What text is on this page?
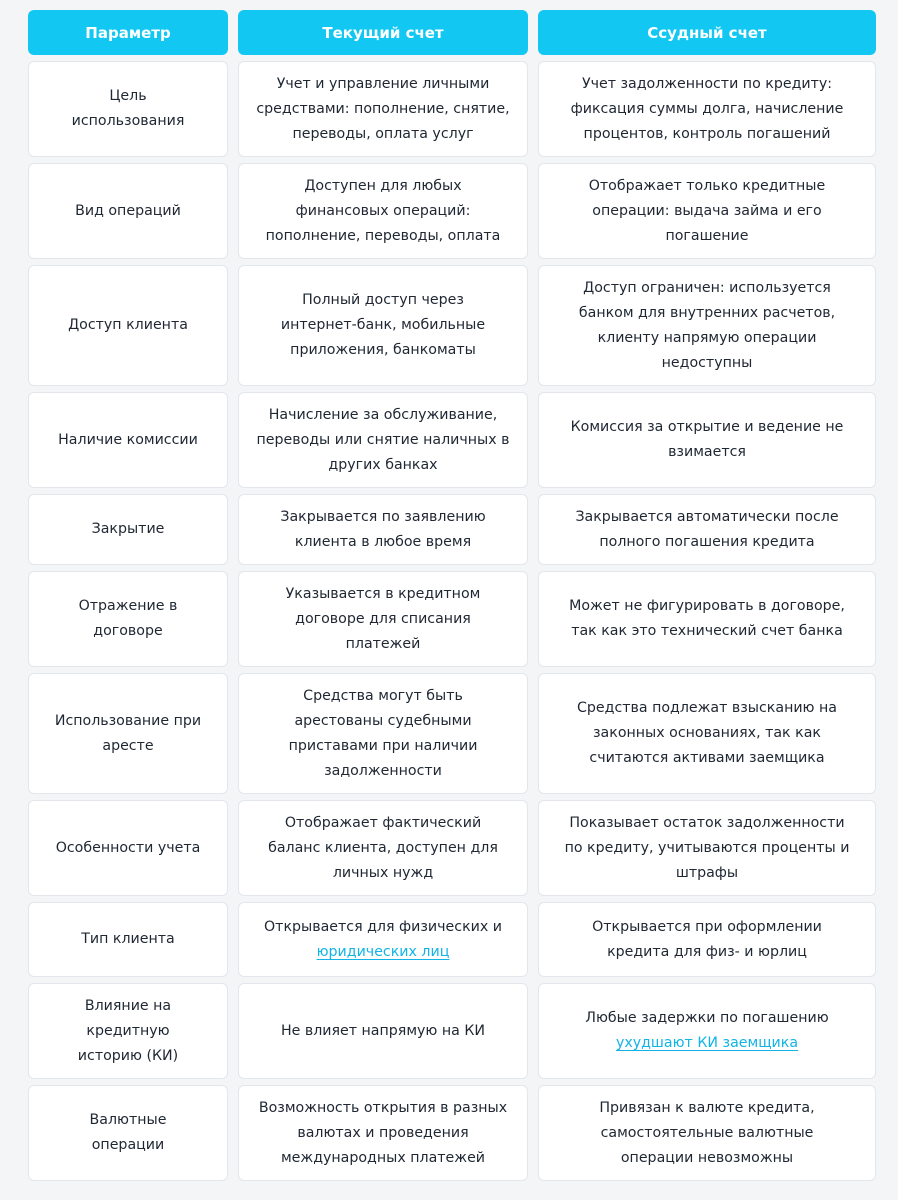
Параметр	Текущий счет	Ссудный счет
Цель использования
Учет и управление личными средствами: пополнение, снятие, переводы, оплата услуг
Учет задолженности по кредиту: фиксация суммы долга, начисление процентов, контроль погашений
Вид операций
Доступен для любых финансовых операций: пополнение, переводы, оплата
Отображает только кредитные операции: выдача займа и его погашение
Доступ клиента
Полный доступ через интернет-банк, мобильные приложения, банкоматы
Доступ ограничен: используется банком для внутренних расчетов, клиенту напрямую операции недоступны
Наличие комиссии
Начисление за обслуживание, переводы или снятие наличных в других банках
Комиссия за открытие и ведение не взимается
Закрытие
Закрывается по заявлению клиента в любое время
Закрывается автоматически после полного погашения кредита
Отражение в договоре
Указывается в кредитном договоре для списания платежей
Может не фигурировать в договоре, так как это технический счет банка
Использование при аресте
Средства могут быть арестованы судебными приставами при наличии задолженности
Средства подлежат взысканию на законных основаниях, так как считаются активами заемщика
Особенности учета
Отображает фактический баланс клиента, доступен для личных нужд
Показывает остаток задолженности по кредиту, учитываются проценты и штрафы
Тип клиента
Открывается для физических и
юридических лиц
Открывается при оформлении кредита для физ- и юрлиц
Влияние на кредитную историю (КИ)
Не влияет напрямую на КИ
Любые задержки по погашению
ухудшают КИ заемщика
Валютные операции
Возможность открытия в разных валютах и проведения международных платежей
Привязан к валюте кредита, самостоятельные валютные операции невозможны
